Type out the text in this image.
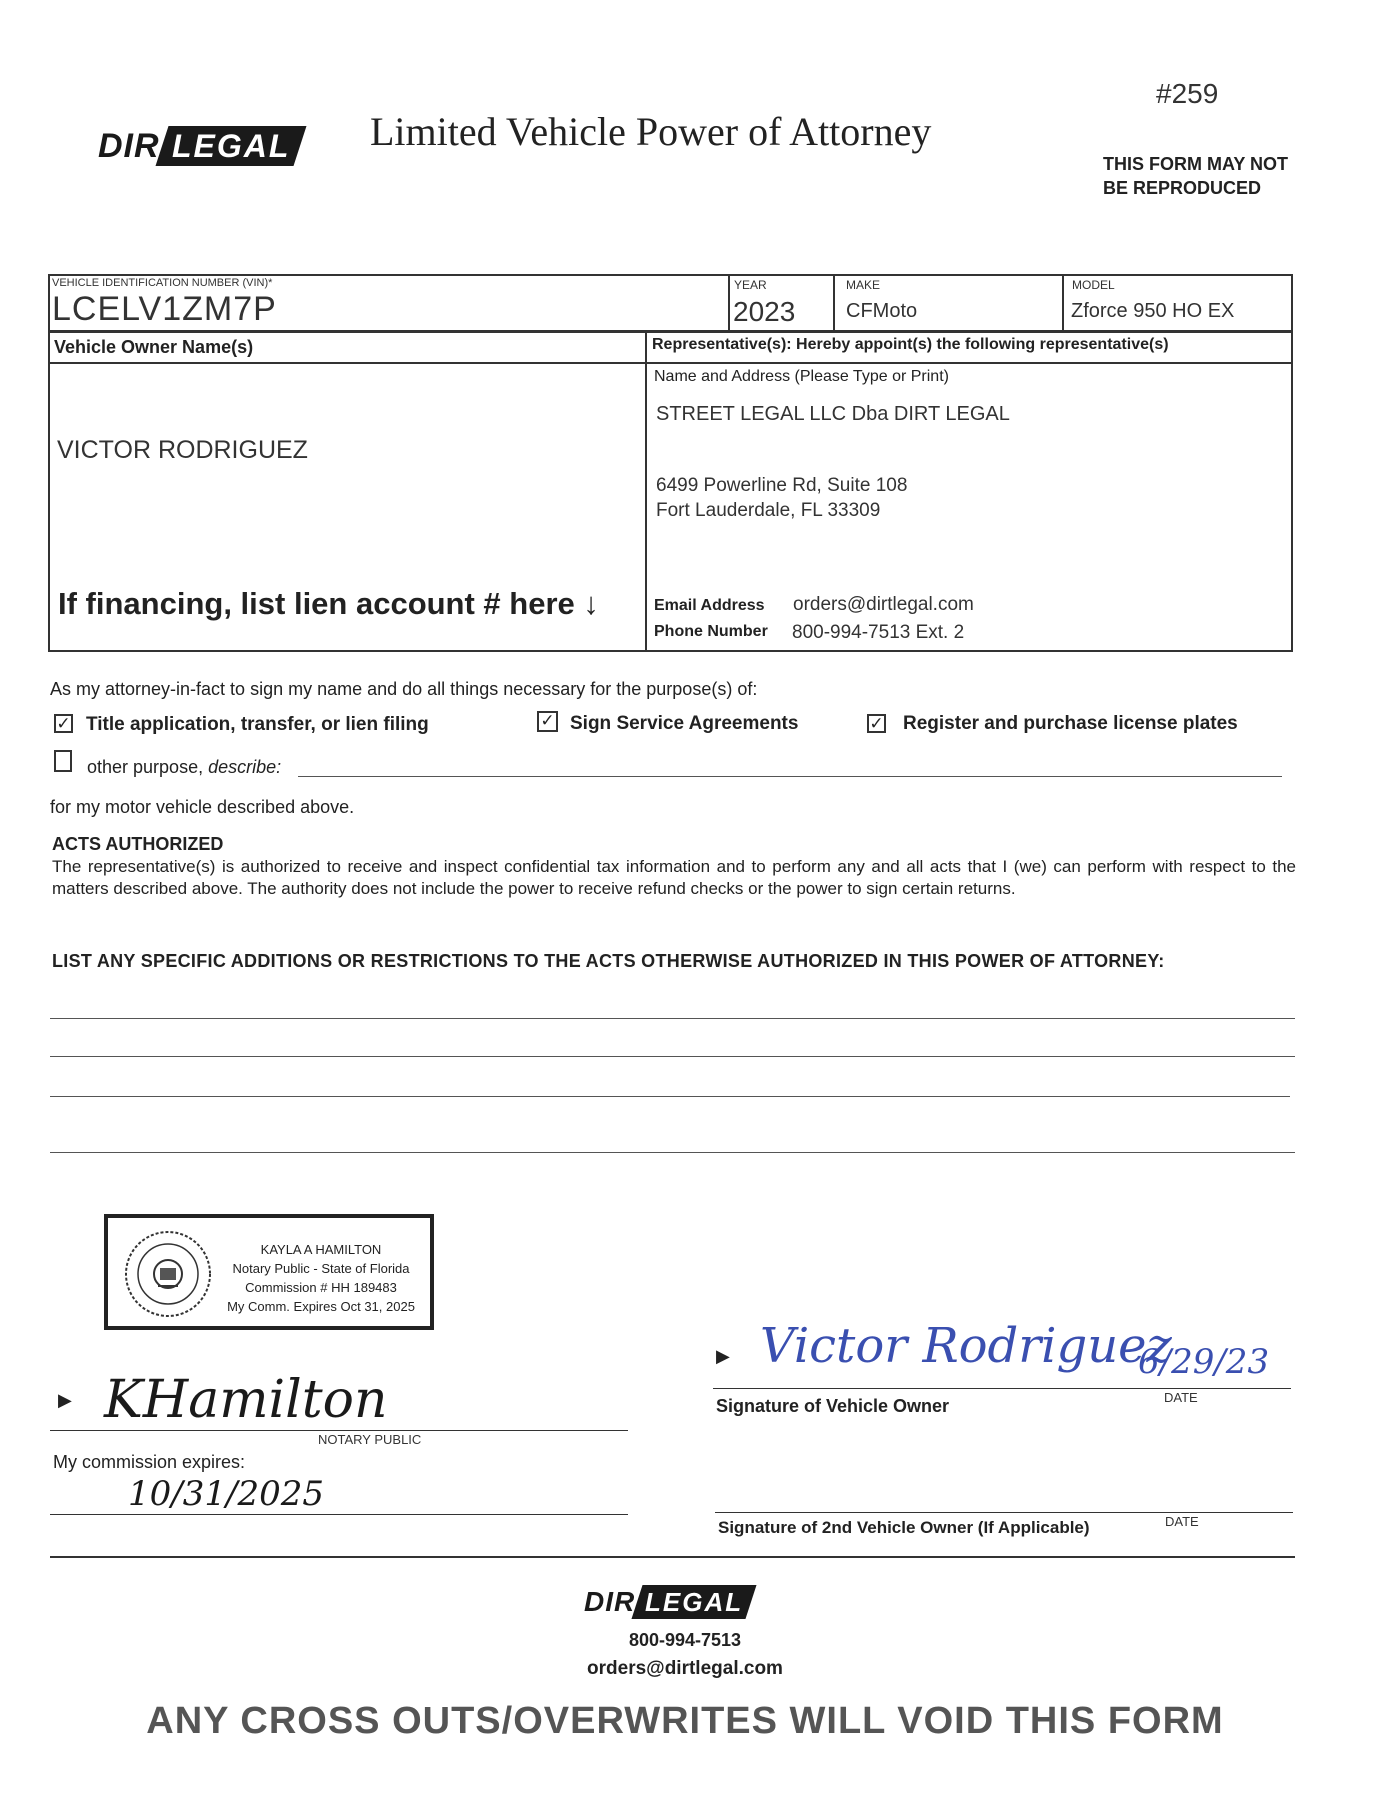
#259
DIR LEGAL	Limited Vehicle Power of Attorney
THIS FORM MAY NOT
BE REPRODUCED
VEHICLE IDENTIFICATION NUMBER (VIN)*
LCELV1ZM7P
YEAR
2023
MAKE
CFMoto
MODEL
Zforce 950 HO EX
Vehicle Owner Name(s)
VICTOR RODRIGUEZ
If financing, list lien account # here ↓
Representative(s): Hereby appoint(s) the following representative(s)
Name and Address (Please Type or Print)
STREET LEGAL LLC Dba DIRT LEGAL
6499 Powerline Rd, Suite 108
Fort Lauderdale, FL 33309
Email Address orders@dirtlegal.com
Phone Number 800-994-7513 Ext. 2
As my attorney-in-fact to sign my name and do all things necessary for the purpose(s) of:
✓ Title application, transfer, or lien filing	✓ Sign Service Agreements	✓ Register and purchase license plates
other purpose, describe:
for my motor vehicle described above.
ACTS AUTHORIZED
The representative(s) is authorized to receive and inspect confidential tax information and to perform any and all acts that I (we) can perform with respect to the matters described above. The authority does not include the power to receive refund checks or the power to sign certain returns.
LIST ANY SPECIFIC ADDITIONS OR RESTRICTIONS TO THE ACTS OTHERWISE AUTHORIZED IN THIS POWER OF ATTORNEY:
KAYLA A HAMILTON
Notary Public - State of Florida
Commission # HH 189483
My Comm. Expires Oct 31, 2025
▶ KHamilton
NOTARY PUBLIC
My commission expires:
10/31/2025
▶ Victor Rodriguez
Signature of Vehicle Owner
6/29/23
DATE
Signature of 2nd Vehicle Owner (If Applicable)	DATE
DIR LEGAL
800-994-7513
orders@dirtlegal.com
ANY CROSS OUTS/OVERWRITES WILL VOID THIS FORM
